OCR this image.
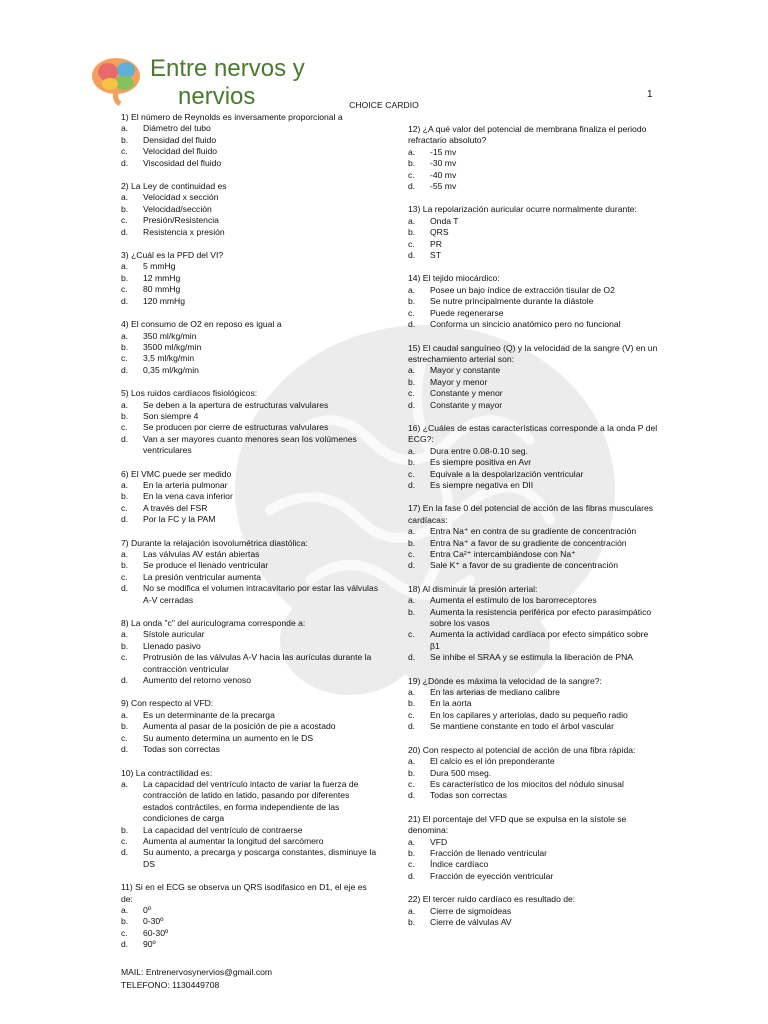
Entre nervos y
nervios	1
CHOICE CARDIO
1) El número de Reynolds es inversamente proporcional a
a. Diámetro del tubo
b. Densidad del fluido
c. Velocidad del fluido
d. Viscosidad del fluido
2) La Ley de continuidad es
a. Velocidad x sección
b. Velocidad/sección
c. Presión/Resistencia
d. Resistencia x presión
3) ¿Cuál es la PFD del VI?
a. 5 mmHg
b. 12 mmHg
c. 80 mmHg
d. 120 mmHg
4) El consumo de O2 en reposo es igual a
a. 350 ml/kg/min
b. 3500 ml/kg/min
c. 3,5 ml/kg/min
d. 0,35 ml/kg/min
5) Los ruidos cardíacos fisiológicos:
a. Se deben a la apertura de estructuras valvulares
b. Son siempre 4
c. Se producen por cierre de estructuras valvulares
d. Van a ser mayores cuanto menores sean los volúmenes ventriculares
6) El VMC puede ser medido
a. En la arteria pulmonar
b. En la vena cava inferior
c. A través del FSR
d. Por la FC y la PAM
7) Durante la relajación isovolumétrica diastólica:
a. Las válvulas AV están abiertas
b. Se produce el llenado ventricular
c. La presión ventricular aumenta
d. No se modifica el volumen intracavitario por estar las válvulas A-V cerradas
8) La onda "c" del auriculograma corresponde a:
a. Sístole auricular
b. Llenado pasivo
c. Protrusión de las válvulas A-V hacia las aurículas durante la contracción ventricular
d. Aumento del retorno venoso
9) Con respecto al VFD:
a. Es un determinante de la precarga
b. Aumenta al pasar de la posición de pie a acostado
c. Su aumento determina un aumento en le DS
d. Todas son correctas
10) La contractilidad es:
a. La capacidad del ventrículo intacto de variar la fuerza de contracción de latido en latido, pasando por diferentes estados contráctiles, en forma independiente de las condiciones de carga
b. La capacidad del ventrículo de contraerse
c. Aumenta al aumentar la longitud del sarcómero
d. Su aumento, a precarga y poscarga constantes, disminuye la DS
11) Si en el ECG se observa un QRS isodifasico en D1, el eje es de:
a. 0º
b. 0-30º
c. 60-30º
d. 90º
12) ¿A qué valor del potencial de membrana finaliza el periodo refractario absoluto?
a. -15 mv
b. -30 mv
c. -40 mv
d. -55 mv
13) La repolarización auricular ocurre normalmente durante:
a. Onda T
b. QRS
c. PR
d. ST
14) El tejido miocárdico:
a. Posee un bajo índice de extracción tisular de O2
b. Se nutre principalmente durante la diástole
c. Puede regenerarse
d. Conforma un sincicio anatómico pero no funcional
15) El caudal sanguíneo (Q) y la velocidad de la sangre (V) en un estrechamiento arterial son:
a. Mayor y constante
b. Mayor y menor
c. Constante y menor
d. Constante y mayor
16) ¿Cuáles de estas características corresponde a la onda P del ECG?:
a. Dura entre 0.08-0.10 seg.
b. Es siempre positiva en Avr
c. Equivale a la despolarización ventricular
d. Es siempre negativa en DII
17) En la fase 0 del potencial de acción de las fibras musculares cardíacas:
a. Entra Na⁺ en contra de su gradiente de concentración
b. Entra Na⁺ a favor de su gradiente de concentración
c. Entra Ca²⁺ intercambiándose con Na⁺
d. Sale K⁺ a favor de su gradiente de concentración
18) Al disminuir la presión arterial:
a. Aumenta el estímulo de los barorreceptores
b. Aumenta la resistencia periférica por efecto parasimpático sobre los vasos
c. Aumenta la actividad cardíaca por efecto simpático sobre β1
d. Se inhibe el SRAA y se estimula la liberación de PNA
19) ¿Dónde es máxima la velocidad de la sangre?:
a. En las arterias de mediano calibre
b. En la aorta
c. En los capilares y arteriolas, dado su pequeño radio
d. Se mantiene constante en todo el árbol vascular
20) Con respecto al potencial de acción de una fibra rápida:
a. El calcio es el ión preponderante
b. Dura 500 mseg.
c. Es característico de los miocitos del nódulo sinusal
d. Todas son correctas
21) El porcentaje del VFD que se expulsa en la sístole se denomina:
a. VFD
b. Fracción de llenado ventricular
c. Índice cardíaco
d. Fracción de eyección ventricular
22) El tercer ruido cardíaco es resultado de:
a. Cierre de sigmoideas
b. Cierre de válvulas AV
MAIL: Entrenervosynervios@gmail.com
TELEFONO: 1130449708
